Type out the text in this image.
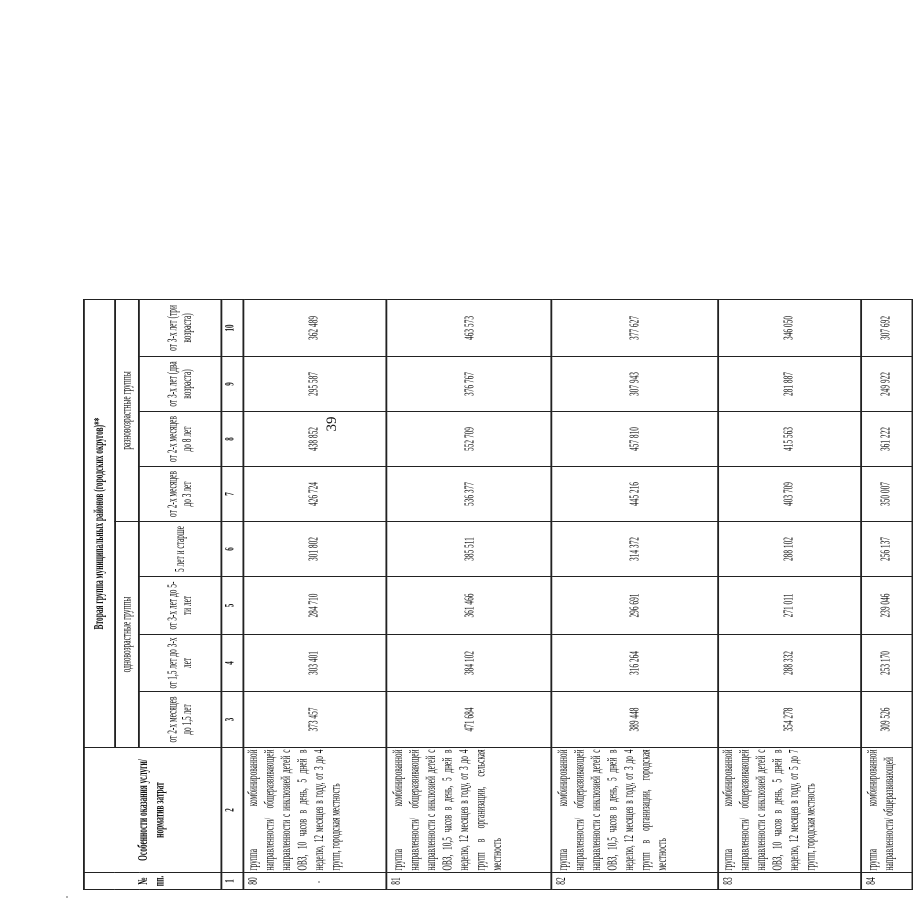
39
№ пп.	Особенности оказания услуги/норматив затрат	Вторая группа муниципальных районов (городских округов)**							
		одновозрастные группы				разновозрастные группы			
		от 2-х месяцев до 1,5 лет	от 1,5 лет до 3-х лет	от 3-х лет до 5-ти лет	5 лет и старше	от 2-х месяцев до 3 лет	от 2-х месяцев до 8 лет	от 3-х лет (два возраста)	от 3-х лет (три возраста)
1	2	3	4	5	6	7	8	9	10
80	группа комбинированной направленности/ общеразвивающей направленности с инклюзией детей с ОВЗ, 10 часов в день, 5 дней в неделю, 12 месяцев в году, от 3 до 4 групп, городская местность	373 457	303 401	284 710	301 802	426 724	438 852	295 587	362 489
81	группа комбинированной направленности/ общеразвивающей направленности с инклюзией детей с ОВЗ, 10,5 часов в день, 5 дней в неделю, 12 месяцев в году, от 3 до 4 групп в организации, сельская местность	471 684	384 102	361 466	385 511	536 377	552 709	376 767	463 573
82	группа комбинированной направленности/ общеразвивающей направленности с инклюзией детей с ОВЗ, 10,5 часов в день, 5 дней в неделю, 12 месяцев в году, от 3 до 4 групп в организации, городская местность	389 448	316 264	296 691	314 372	445 216	457 810	307 943	377 627
83	группа комбинированной направленности/ общеразвивающей направленности с инклюзией детей с ОВЗ, 10 часов в день, 5 дней в неделю, 12 месяцев в году, от 5 до 7 групп, городская местность	354 278	288 332	271 011	288 102	403 709	415 563	281 887	346 050
84	группа комбинированной направленности/ общеразвивающей	309 526	253 170	239 046	256 137	350 007	361 222	249 922	307 692
